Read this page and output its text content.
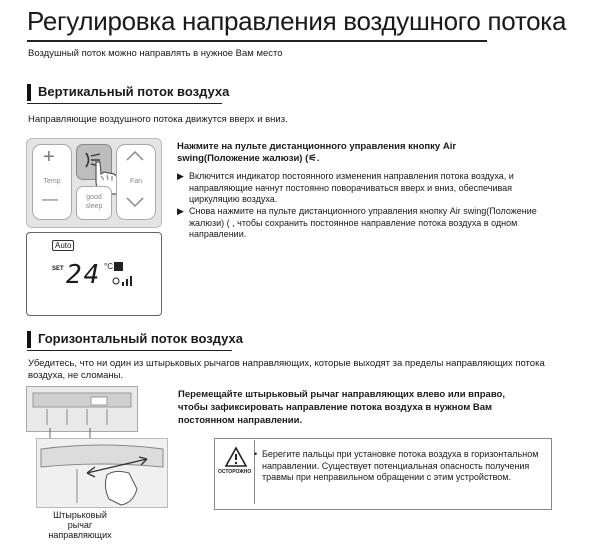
Регулировка направления воздушного потока
Воздушный поток можно направлять в нужное Вам место
Вертикальный поток воздуха
Направляющие воздушного потока движутся вверх и вниз.
+
Temp
—	good sleep
Fan
Auto
SET 24 °C
Нажмите на пульте дистанционного управления кнопку Air swing(Положение жалюзи) (⚟.
▶ Включится индикатор постоянного изменения направления потока воздуха, и направляющие начнут постоянно поворачиваться вверх и вниз, обеспечивая циркуляцию воздуха.
▶ Снова нажмите на пульте дистанционного управления кнопку Air swing(Положение жалюзи) ( , чтобы сохранить постоянное направление потока воздуха в одном направлении.
Горизонтальный поток воздуха
Убедитесь, что ни один из штырьковых рычагов направляющих, которые выходят за пределы направляющих потока воздуха, не сломаны.
Штырьковый рычаг направляющих
Перемещайте штырьковый рычаг направляющих влево или вправо, чтобы зафиксировать направление потока воздуха в нужном Вам постоянном направлении.
ОСТОРОЖНО
• Берегите пальцы при установке потока воздуха в горизонтальном направлении. Существует потенциальная опасность получения травмы при неправильном обращении с этим устройством.
